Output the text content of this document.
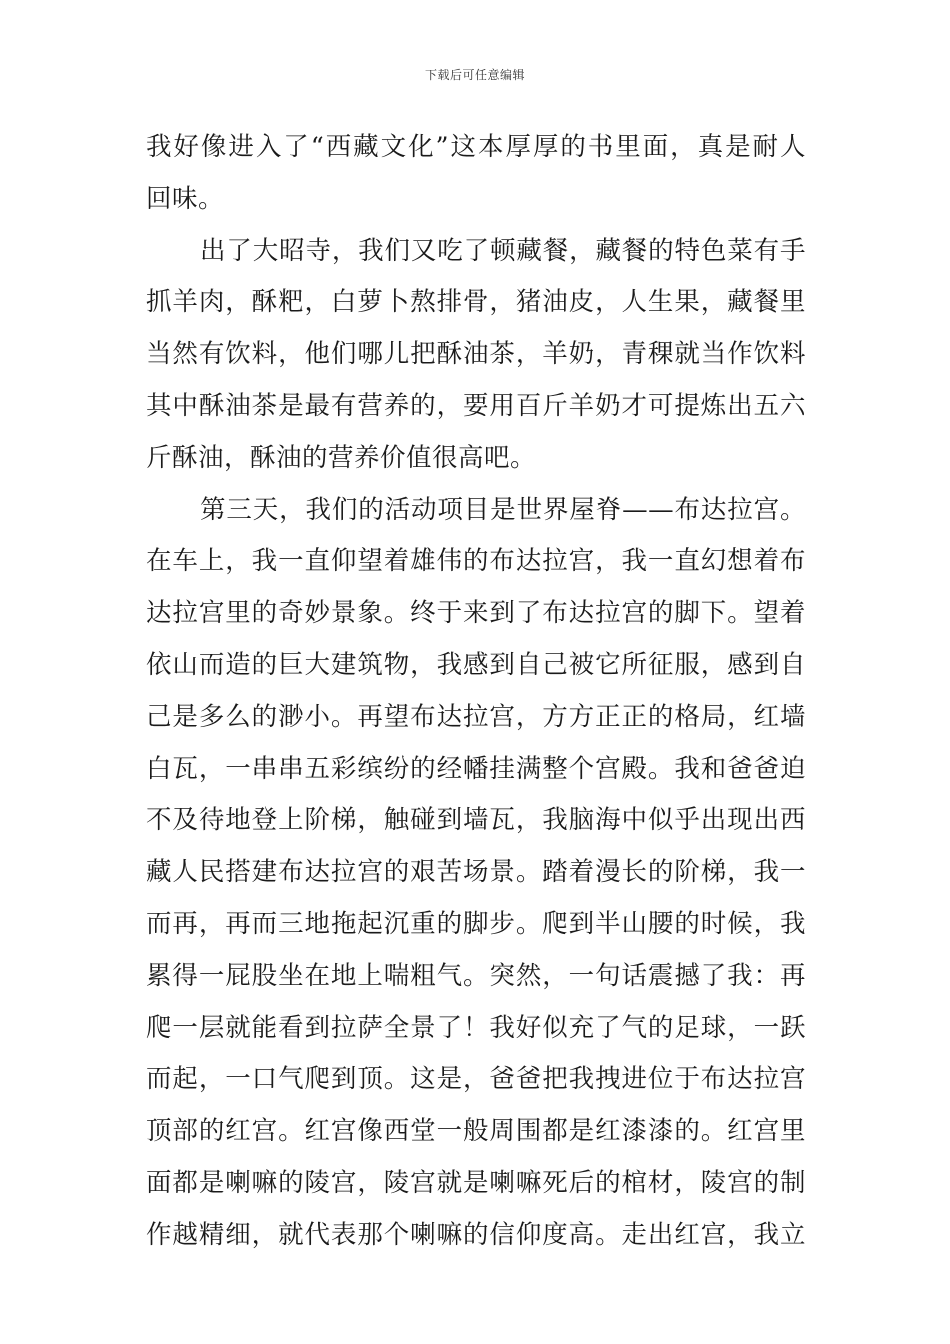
下载后可任意编辑
我好像进入了“西藏文化”这本厚厚的书里面，真是耐人
回味。
出了大昭寺，我们又吃了顿藏餐，藏餐的特色菜有手
抓羊肉，酥粑，白萝卜熬排骨，猪油皮，人生果，藏餐里
当然有饮料，他们哪儿把酥油茶，羊奶，青稞就当作饮料
其中酥油茶是最有营养的，要用百斤羊奶才可提炼出五六
斤酥油，酥油的营养价值很高吧。
第三天，我们的活动项目是世界屋脊——布达拉宫。
在车上，我一直仰望着雄伟的布达拉宫，我一直幻想着布
达拉宫里的奇妙景象。终于来到了布达拉宫的脚下。望着
依山而造的巨大建筑物，我感到自己被它所征服，感到自
己是多么的渺小。再望布达拉宫，方方正正的格局，红墙
白瓦，一串串五彩缤纷的经幡挂满整个宫殿。我和爸爸迫
不及待地登上阶梯，触碰到墙瓦，我脑海中似乎出现出西
藏人民搭建布达拉宫的艰苦场景。踏着漫长的阶梯，我一
而再，再而三地拖起沉重的脚步。爬到半山腰的时候，我
累得一屁股坐在地上喘粗气。突然，一句话震撼了我：再
爬一层就能看到拉萨全景了！我好似充了气的足球，一跃
而起，一口气爬到顶。这是，爸爸把我拽进位于布达拉宫
顶部的红宫。红宫像西堂一般周围都是红漆漆的。红宫里
面都是喇嘛的陵宫，陵宫就是喇嘛死后的棺材，陵宫的制
作越精细，就代表那个喇嘛的信仰度高。走出红宫，我立
